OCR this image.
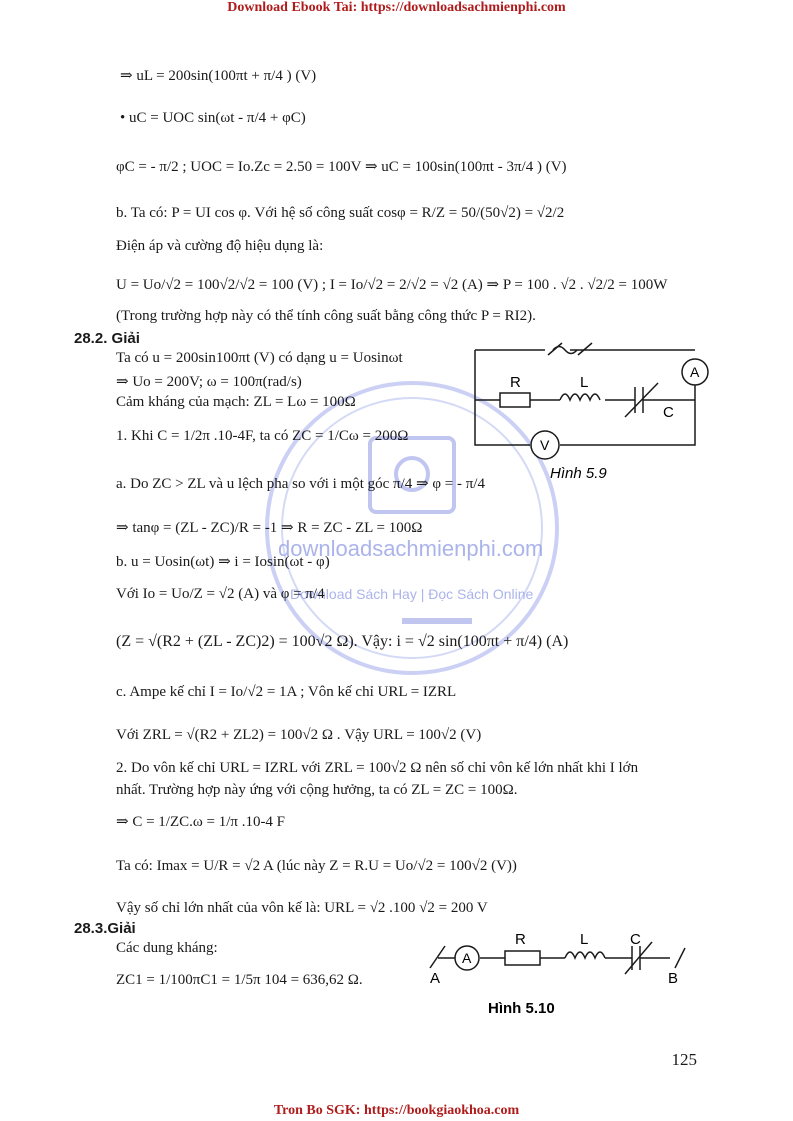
Download Ebook Tai: https://downloadsachmienphi.com
Tron Bo SGK: https://bookgiaokhoa.com
downloadsachmienphi.com
Download Sách Hay | Đọc Sách Online
⇒ uL = 200sin(100πt + π/4 ) (V)
• uC = UOC sin(ωt - π/4 + φC)
φC = - π/2 ; UOC = Io.Zc = 2.50 = 100V ⇒ uC = 100sin(100πt - 3π/4 ) (V)
b. Ta có: P = UI cos φ. Với hệ số công suất cosφ = R/Z = 50/(50√2) = √2/2
Điện áp và cường độ hiệu dụng là:
U = Uo/√2 = 100√2/√2 = 100 (V) ; I = Io/√2 = 2/√2 = √2 (A) ⇒ P = 100 . √2 . √2/2 = 100W
(Trong trường hợp này có thể tính công suất bằng công thức P = RI2).
28.2. Giải
Ta có u = 200sin100πt (V) có dạng u = Uosinωt
⇒ Uo = 200V; ω = 100π(rad/s)
Cảm kháng của mạch: ZL = Lω = 100Ω
1. Khi C = 1/2π .10-4F, ta có ZC = 1/Cω = 200Ω
a. Do ZC > ZL và u lệch pha so với i một góc π/4 ⇒ φ = - π/4
⇒ tanφ = (ZL - ZC)/R = -1 ⇒ R = ZC - ZL = 100Ω
b. u = Uosin(ωt) ⇒ i = Iosin(ωt - φ)
Với Io = Uo/Z = √2 (A) và φ = π/4
(Z = √(R2 + (ZL - ZC)2) = 100√2 Ω). Vậy: i = √2 sin(100πt + π/4) (A)
c. Ampe kế chỉ I = Io/√2 = 1A ; Vôn kế chỉ URL = IZRL
Với ZRL = √(R2 + ZL2) = 100√2 Ω . Vậy URL = 100√2 (V)
2. Do vôn kế chỉ URL = IZRL với ZRL = 100√2 Ω nên số chỉ vôn kế lớn nhất khi I lớn
nhất. Trường hợp này ứng với cộng hưởng, ta có ZL = ZC = 100Ω.
⇒ C = 1/ZC.ω = 1/π .10-4 F
Ta có: Imax = U/R = √2 A (lúc này Z = R.U = Uo/√2 = 100√2 (V))
Vậy số chỉ lớn nhất của vôn kế là: URL = √2 .100 √2 = 200 V
28.3.Giải
Các dung kháng:
ZC1 = 1/100πC1 = 1/5π 104 = 636,62 Ω.
A
V
R	L
C
Hình 5.9
A
R	L	C
A	B
Hình 5.10
125
